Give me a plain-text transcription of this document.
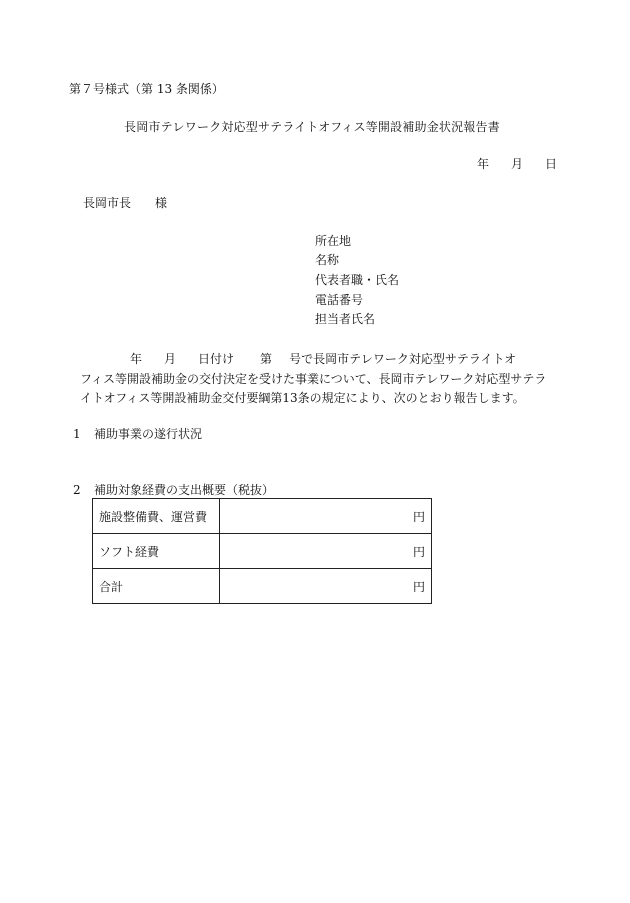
第７号様式（第 13 条関係）
長岡市テレワーク対応型サテライトオフィス等開設補助金状況報告書
年 月 日
長岡市長 様
所在地
名称
代表者職・氏名
電話番号
担当者氏名
年 月 日付け 第 号で長岡市テレワーク対応型サテライトオ
フィス等開設補助金の交付決定を受けた事業について、長岡市テレワーク対応型サテラ
イトオフィス等開設補助金交付要綱第13条の規定により、次のとおり報告します。
1 補助事業の遂行状況
2 補助対象経費の支出概要（税抜）
施設整備費、運営費	円
ソフト経費	円
合計	円
